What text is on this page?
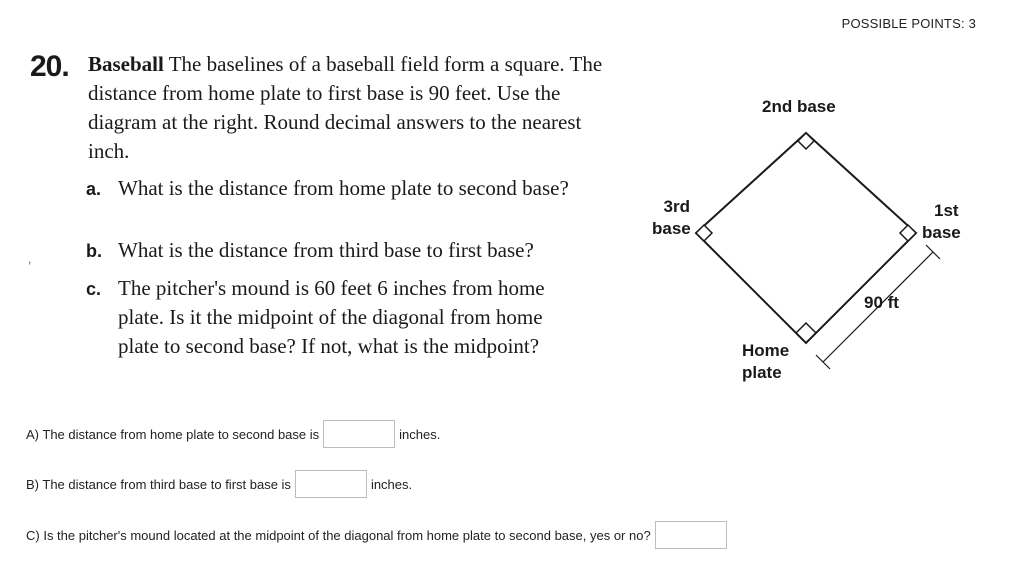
POSSIBLE POINTS: 3
20. Baseball The baselines of a baseball field form a square. The distance from home plate to first base is 90 feet. Use the diagram at the right. Round decimal answers to the nearest inch.
a. What is the distance from home plate to second base?
b. What is the distance from third base to first base?
c. The pitcher's mound is 60 feet 6 inches from home plate. Is it the midpoint of the diagonal from home plate to second base? If not, what is the midpoint?
2nd base
3rd
base
1st
base
90 ft
Home
plate
,
A) The distance from home plate to second base is	inches.
B) The distance from third base to first base is	inches.
C) Is the pitcher's mound located at the midpoint of the diagonal from home plate to second base, yes or no?
